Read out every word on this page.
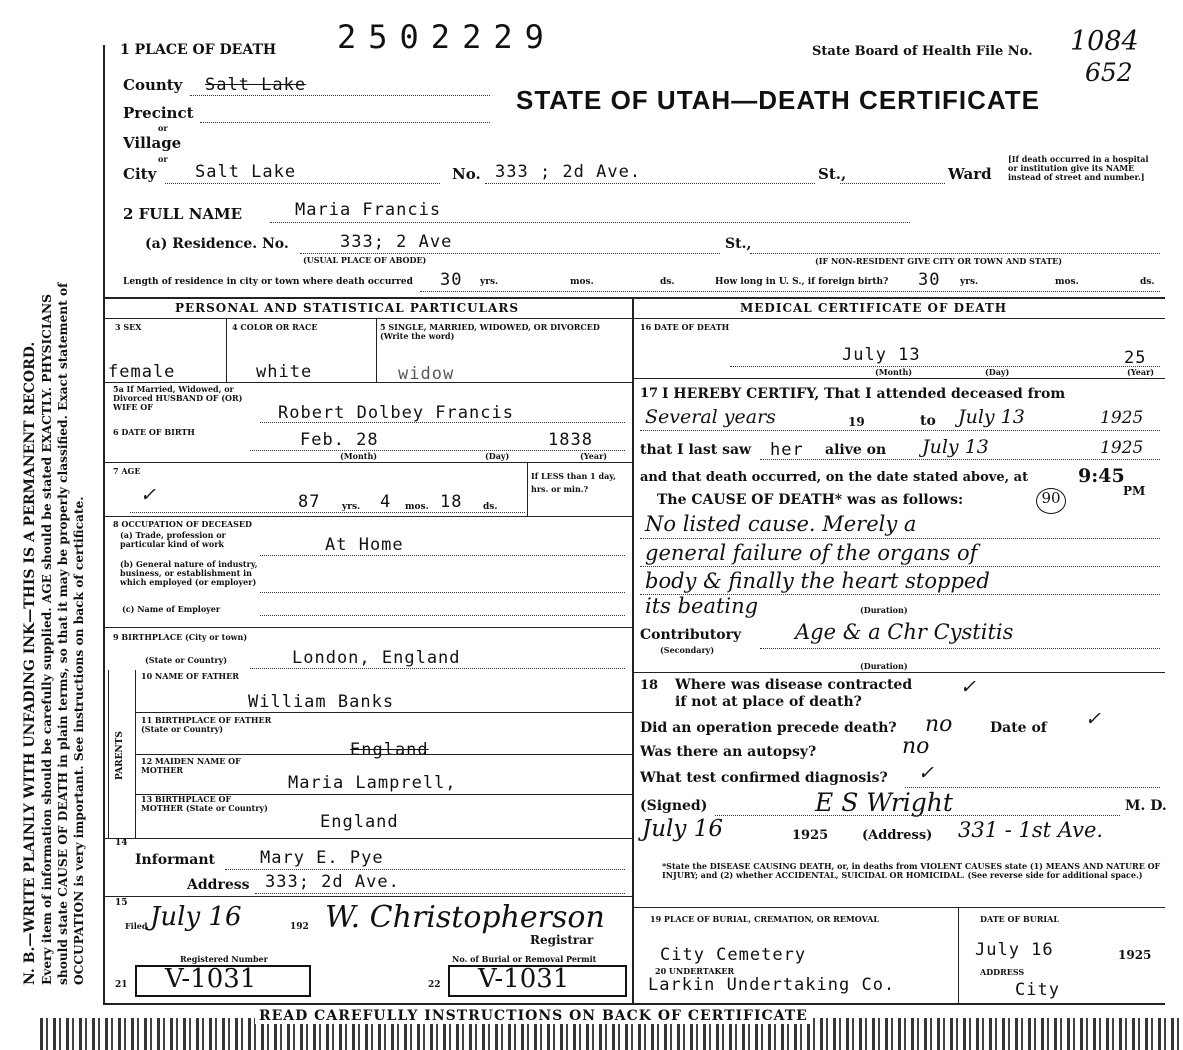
N. B.—WRITE PLAINLY WITH UNFADING INK—THIS IS A PERMANENT RECORD. Every item of information should be carefully supplied. AGE should be stated EXACTLY. PHYSICIANS should state CAUSE OF DEATH in plain terms, so that it may be properly classified. Exact statement of OCCUPATION is very important. See instructions on back of certificate.
1 PLACE OF DEATH 2502229	State Board of Health File No. 1084
652
STATE OF UTAH—DEATH CERTIFICATE
County Salt Lake
Precinct
or
Village
or
City Salt Lake	No. 333 ; 2d Ave.	St.,	Ward
[If death occurred in a hospital or institution give its NAME instead of street and number.]
2 FULL NAME	Maria Francis
(a) Residence. No.	333; 2 Ave
(USUAL PLACE OF ABODE)
St.,
(IF NON-RESIDENT GIVE CITY OR TOWN AND STATE)
Length of residence in city or town where death occurred 30 yrs.	mos.	ds.	How long in U. S., if foreign birth? 30 yrs.	mos.	ds.
PERSONAL AND STATISTICAL PARTICULARS
3 SEX	4 COLOR OR RACE	5 SINGLE, MARRIED, WIDOWED, OR DIVORCED (Write the word)
female	white	widow
5a If Married, Widowed, or Divorced HUSBAND OF (OR) WIFE OF	Robert Dolbey Francis
6 DATE OF BIRTH	Feb. 28	1838
(Month)	(Day)	(Year)
7 AGE
✓	87 yrs. 4 mos. 18 ds.
If LESS than 1 day, hrs. or min.?
8 OCCUPATION OF DECEASED
(a) Trade, profession or particular kind of work	At Home
(b) General nature of industry, business, or establishment in which employed (or employer)
(c) Name of Employer
9 BIRTHPLACE (City or town)
(State or Country)	London, England
PARENTS
10 NAME OF FATHER
William Banks
11 BIRTHPLACE OF FATHER (State or Country)
England
12 MAIDEN NAME OF MOTHER
Maria Lamprell,
13 BIRTHPLACE OF MOTHER (State or Country)
England
14
Informant	Mary E. Pye
Address 333; 2d Ave.
15
Filed July 16	192 W. Christopherson
Registrar
Registered Number	No. of Burial or Removal Permit
21 V-1031	22 V-1031
MEDICAL CERTIFICATE OF DEATH
16 DATE OF DEATH
July 13	25
(Month)	(Day)	(Year)
17 I HEREBY CERTIFY, That I attended deceased from
Several years	19	to July 13	1925
that I last saw her alive on July 13	1925
and that death occurred, on the date stated above, at	9:45
PM
The CAUSE OF DEATH* was as follows:	90
No listed cause. Merely a
general failure of the organs of
body & finally the heart stopped
its beating	(Duration)
Contributory
(Secondary)
Age & a Chr Cystitis
(Duration)
18 Where was disease contracted
if not at place of death?
✓
Did an operation precede death? no	Date of ✓
Was there an autopsy?	no
What test confirmed diagnosis? ✓
(Signed)	E S Wright	M. D.
July 16	1925	(Address) 331 - 1st Ave.
*State the DISEASE CAUSING DEATH, or, in deaths from VIOLENT CAUSES state (1) MEANS AND NATURE OF INJURY; and (2) whether ACCIDENTAL, SUICIDAL OR HOMICIDAL. (See reverse side for additional space.)
19 PLACE OF BURIAL, CREMATION, OR REMOVAL
City Cemetery
20 UNDERTAKER
Larkin Undertaking Co.
DATE OF BURIAL
July 16	1925
ADDRESS
City
READ CAREFULLY INSTRUCTIONS ON BACK OF CERTIFICATE
